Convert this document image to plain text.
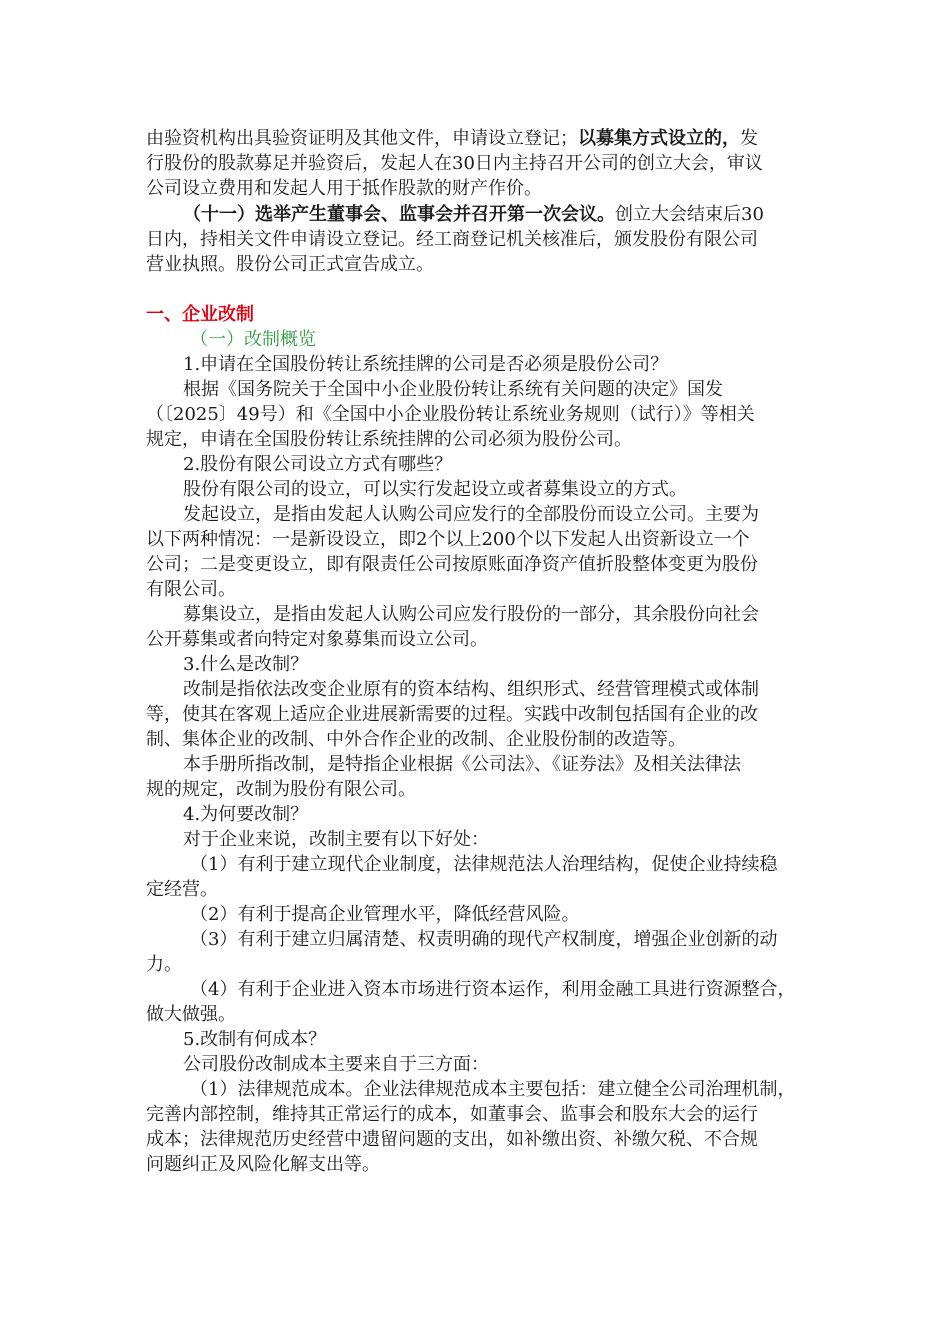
由验资机构出具验资证明及其他文件，申请设立登记；以募集方式设立的，发
行股份的股款募足并验资后，发起人在30日内主持召开公司的创立大会，审议
公司设立费用和发起人用于抵作股款的财产作价。
（十一）选举产生董事会、监事会并召开第一次会议。创立大会结束后30
日内，持相关文件申请设立登记。经工商登记机关核准后，颁发股份有限公司
营业执照。股份公司正式宣告成立。
一、企业改制
（一）改制概览
1.申请在全国股份转让系统挂牌的公司是否必须是股份公司？
根据《国务院关于全国中小企业股份转让系统有关问题的决定》国发
（〔2025〕49号）和《全国中小企业股份转让系统业务规则（试行）》等相关
规定，申请在全国股份转让系统挂牌的公司必须为股份公司。
2.股份有限公司设立方式有哪些？
股份有限公司的设立，可以实行发起设立或者募集设立的方式。
发起设立，是指由发起人认购公司应发行的全部股份而设立公司。主要为
以下两种情况：一是新设设立，即2个以上200个以下发起人出资新设立一个
公司；二是变更设立，即有限责任公司按原账面净资产值折股整体变更为股份
有限公司。
募集设立，是指由发起人认购公司应发行股份的一部分，其余股份向社会
公开募集或者向特定对象募集而设立公司。
3.什么是改制？
改制是指依法改变企业原有的资本结构、组织形式、经营管理模式或体制
等，使其在客观上适应企业进展新需要的过程。实践中改制包括国有企业的改
制、集体企业的改制、中外合作企业的改制、企业股份制的改造等。
本手册所指改制，是特指企业根据《公司法》、《证券法》及相关法律法
规的规定，改制为股份有限公司。
4.为何要改制？
对于企业来说，改制主要有以下好处：
（1）有利于建立现代企业制度，法律规范法人治理结构，促使企业持续稳
定经营。
（2）有利于提高企业管理水平，降低经营风险。
（3）有利于建立归属清楚、权责明确的现代产权制度，增强企业创新的动
力。
（4）有利于企业进入资本市场进行资本运作，利用金融工具进行资源整合，
做大做强。
5.改制有何成本？
公司股份改制成本主要来自于三方面：
（1）法律规范成本。企业法律规范成本主要包括：建立健全公司治理机制，
完善内部控制，维持其正常运行的成本，如董事会、监事会和股东大会的运行
成本；法律规范历史经营中遗留问题的支出，如补缴出资、补缴欠税、不合规
问题纠正及风险化解支出等。
